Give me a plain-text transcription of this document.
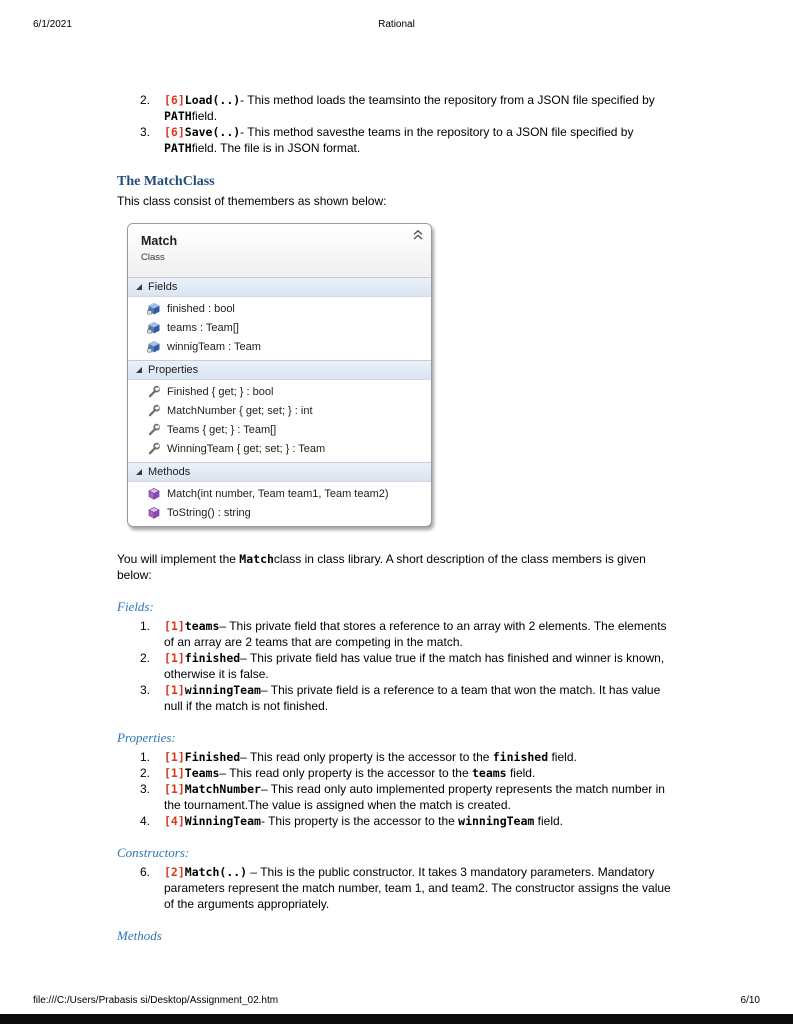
6/1/2021	Rational
2.	[6]Load(..)- This method loads the teamsinto the repository from a JSON file specified by PATHfield.
3.	[6]Save(..)- This method savesthe teams in the repository to a JSON file specified by PATHfield. The file is in JSON format.
The MatchClass

This class consist of themembers as shown below:

Match
Class
Fields
finished : bool
teams : Team[]
winnigTeam : Team
Properties
Finished { get; } : bool
MatchNumber { get; set; } : int
Teams { get; } : Team[]
WinningTeam { get; set; } : Team
Methods
Match(int number, Team team1, Team team2)
ToString() : string

You will implement the Matchclass in class library. A short description of the class members is given below:

Fields:
1.	[1]teams– This private field that stores a reference to an array with 2 elements. The elements of an array are 2 teams that are competing in the match.
2.	[1]finished– This private field has value true if the match has finished and winner is known, otherwise it is false.
3.	[1]winningTeam– This private field is a reference to a team that won the match. It has value null if the match is not finished.
Properties:
1.	[1]Finished– This read only property is the accessor to the finished field.
2.	[1]Teams– This read only property is the accessor to the teams field.
3.	[1]MatchNumber– This read only auto implemented property represents the match number in the tournament.The value is assigned when the match is created.
4.	[4]WinningTeam- This property is the accessor to the winningTeam field.
Constructors:
6.	[2]Match(..) – This is the public constructor. It takes 3 mandatory parameters. Mandatory parameters represent the match number, team 1, and team2. The constructor assigns the value of the arguments appropriately.
Methods
file:///C:/Users/Prabasis si/Desktop/Assignment_02.htm	6/10
